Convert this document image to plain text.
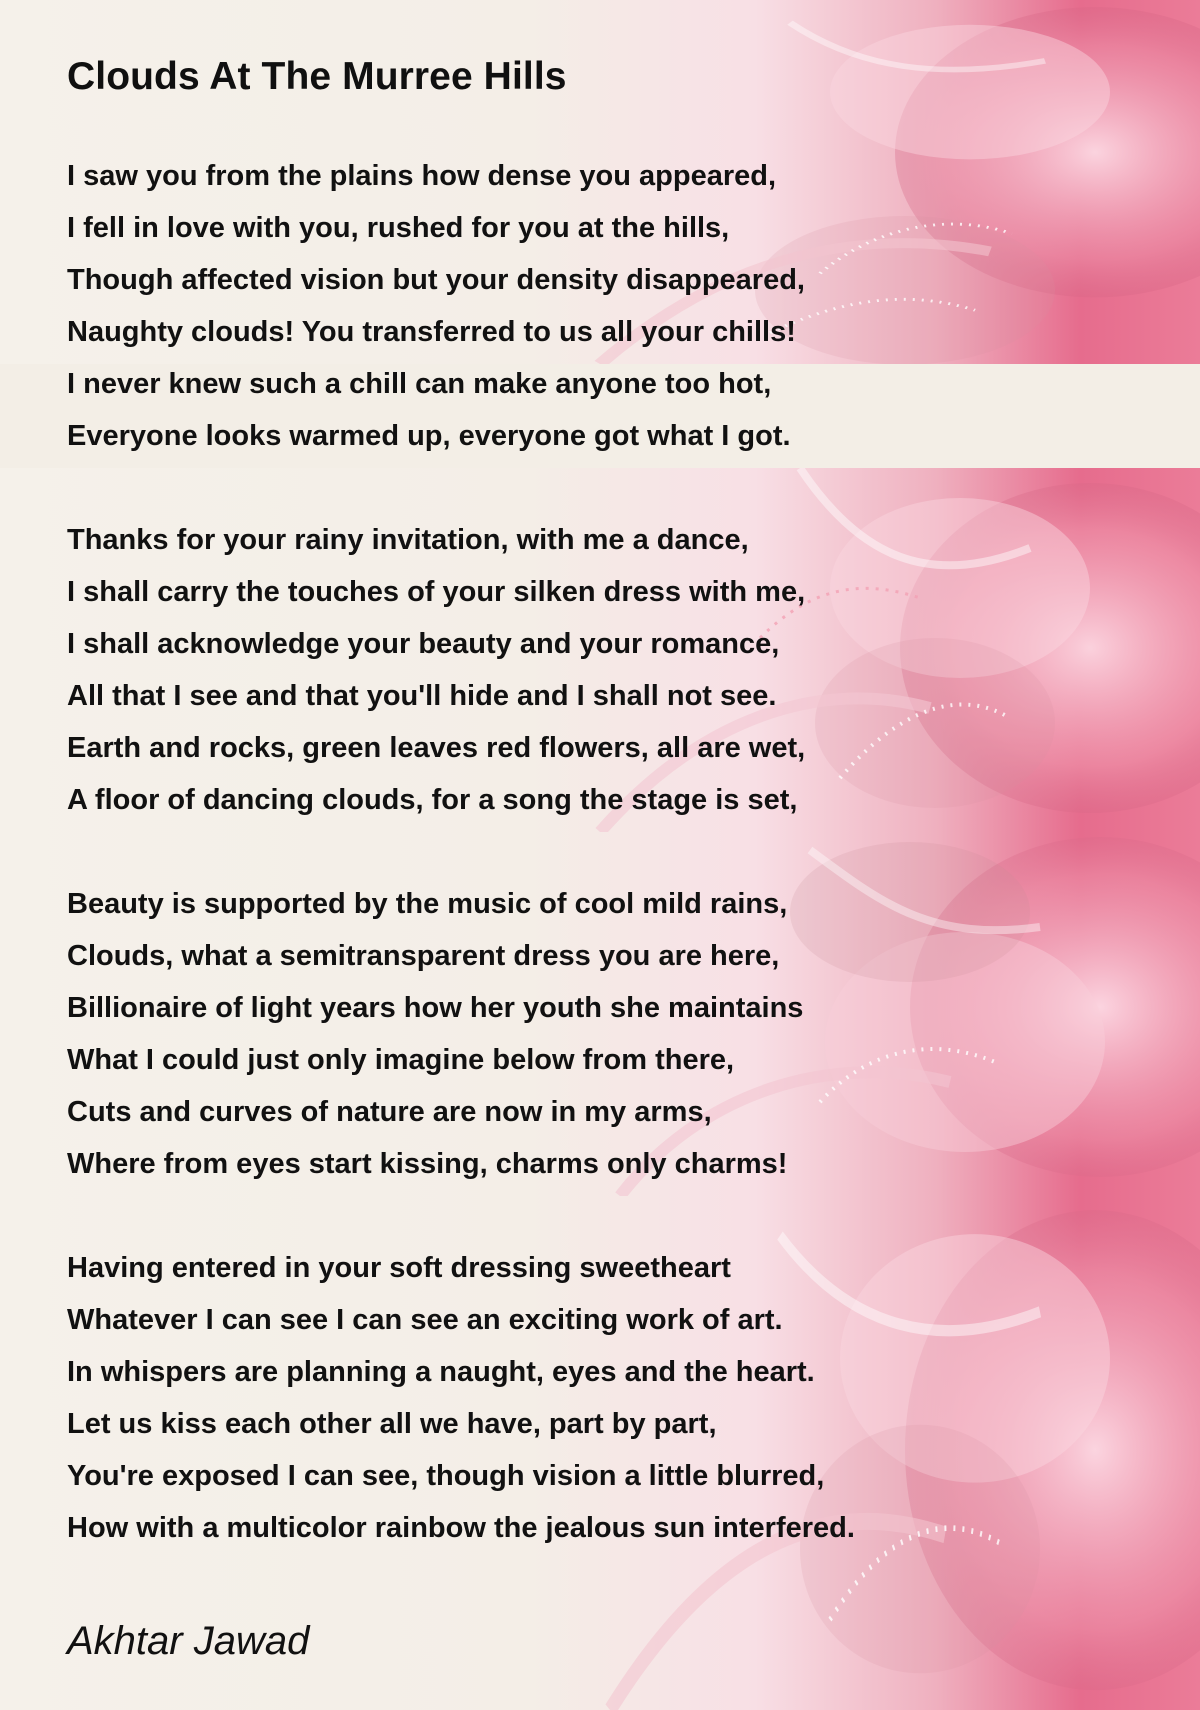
Clouds At The Murree Hills

I saw you from the plains how dense you appeared,

I fell in love with you, rushed for you at the hills,

Though affected vision but your density disappeared,

Naughty clouds! You transferred to us all your chills!

I never knew such a chill can make anyone too hot,

Everyone looks warmed up, everyone got what I got.

Thanks for your rainy invitation, with me a dance,

I shall carry the touches of your silken dress with me,

I shall acknowledge your beauty and your romance,

All that I see and that you'll hide and I shall not see.

Earth and rocks, green leaves red flowers, all are wet,

A floor of dancing clouds, for a song the stage is set,

Beauty is supported by the music of cool mild rains,

Clouds, what a semitransparent dress you are here,

Billionaire of light years how her youth she maintains

What I could just only imagine below from there,

Cuts and curves of nature are now in my arms,

Where from eyes start kissing, charms only charms!

Having entered in your soft dressing sweetheart

Whatever I can see I can see an exciting work of art.

In whispers are planning a naught, eyes and the heart.

Let us kiss each other all we have, part by part,

You're exposed I can see, though vision a little blurred,

How with a multicolor rainbow the jealous sun interfered.

Akhtar Jawad
